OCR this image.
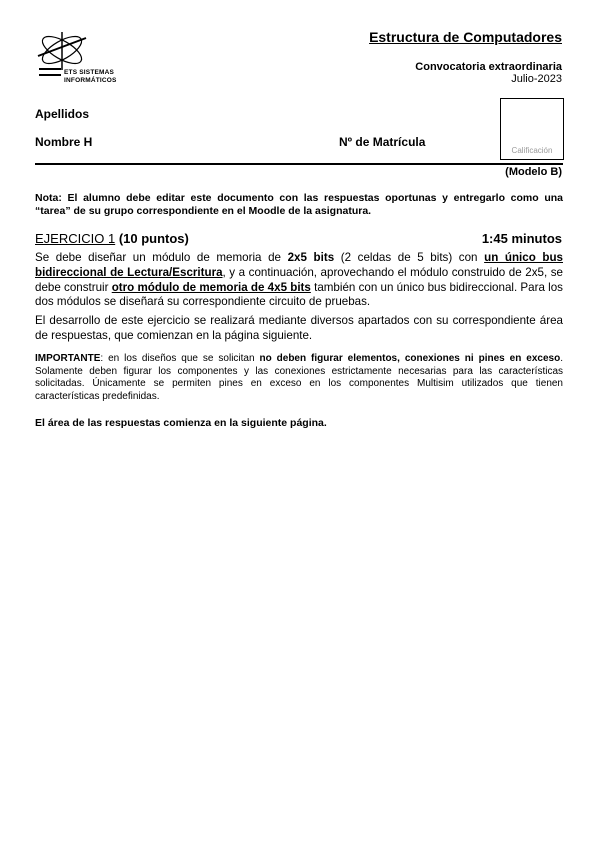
ETS SISTEMAS
INFORMÁTICOS
Estructura de Computadores
Convocatoria extraordinaria
Julio-2023
Apellidos
Nombre H	Nº de Matrícula
Calificación
(Modelo B)
Nota: El alumno debe editar este documento con las respuestas oportunas y entregarlo como una “tarea” de su grupo correspondiente en el Moodle de la asignatura.
EJERCICIO 1 (10 puntos)	1:45 minutos
Se debe diseñar un módulo de memoria de 2x5 bits (2 celdas de 5 bits) con un único bus bidireccional de Lectura/Escritura, y a continuación, aprovechando el módulo construido de 2x5, se debe construir otro módulo de memoria de 4x5 bits también con un único bus bidireccional. Para los dos módulos se diseñará su correspondiente circuito de pruebas.
El desarrollo de este ejercicio se realizará mediante diversos apartados con su correspondiente área de respuestas, que comienzan en la página siguiente.
IMPORTANTE: en los diseños que se solicitan no deben figurar elementos, conexiones ni pines en exceso. Solamente deben figurar los componentes y las conexiones estrictamente necesarias para las características solicitadas. Únicamente se permiten pines en exceso en los componentes Multisim utilizados que tienen características predefinidas.
El área de las respuestas comienza en la siguiente página.
